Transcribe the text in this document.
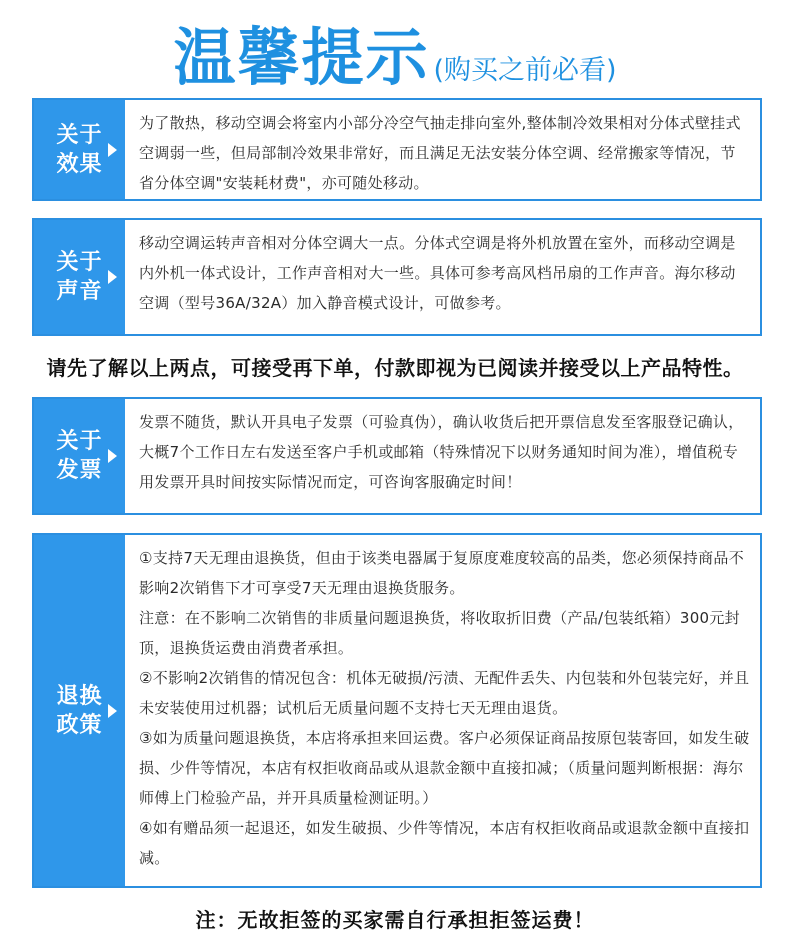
温馨提示 (购买之前必看)
关于效果

为了散热，移动空调会将室内小部分冷空气抽走排向室外,整体制冷效果相对分体式壁挂式空调弱一些，但局部制冷效果非常好，而且满足无法安装分体空调、经常搬家等情况，节省分体空调"安装耗材费"，亦可随处移动。

关于声音

移动空调运转声音相对分体空调大一点。分体式空调是将外机放置在室外，而移动空调是内外机一体式设计，工作声音相对大一些。具体可参考高风档吊扇的工作声音。海尔移动空调（型号36A/32A）加入静音模式设计，可做参考。

请先了解以上两点，可接受再下单，付款即视为已阅读并接受以上产品特性。
关于发票

发票不随货，默认开具电子发票（可验真伪），确认收货后把开票信息发至客服登记确认，大概7个工作日左右发送至客户手机或邮箱（特殊情况下以财务通知时间为准），增值税专用发票开具时间按实际情况而定，可咨询客服确定时间！

退换政策

①支持7天无理由退换货，但由于该类电器属于复原度难度较高的品类，您必须保持商品不影响2次销售下才可享受7天无理由退换货服务。

注意：在不影响二次销售的非质量问题退换货，将收取折旧费（产品/包装纸箱）300元封顶，退换货运费由消费者承担。

②不影响2次销售的情况包含：机体无破损/污渍、无配件丢失、内包装和外包装完好，并且未安装使用过机器；试机后无质量问题不支持七天无理由退货。

③如为质量问题退换货，本店将承担来回运费。客户必须保证商品按原包装寄回，如发生破损、少件等情况，本店有权拒收商品或从退款金额中直接扣减；（质量问题判断根据：海尔师傅上门检验产品，并开具质量检测证明。）

④如有赠品须一起退还，如发生破损、少件等情况，本店有权拒收商品或退款金额中直接扣减。

注：无故拒签的买家需自行承担拒签运费！
